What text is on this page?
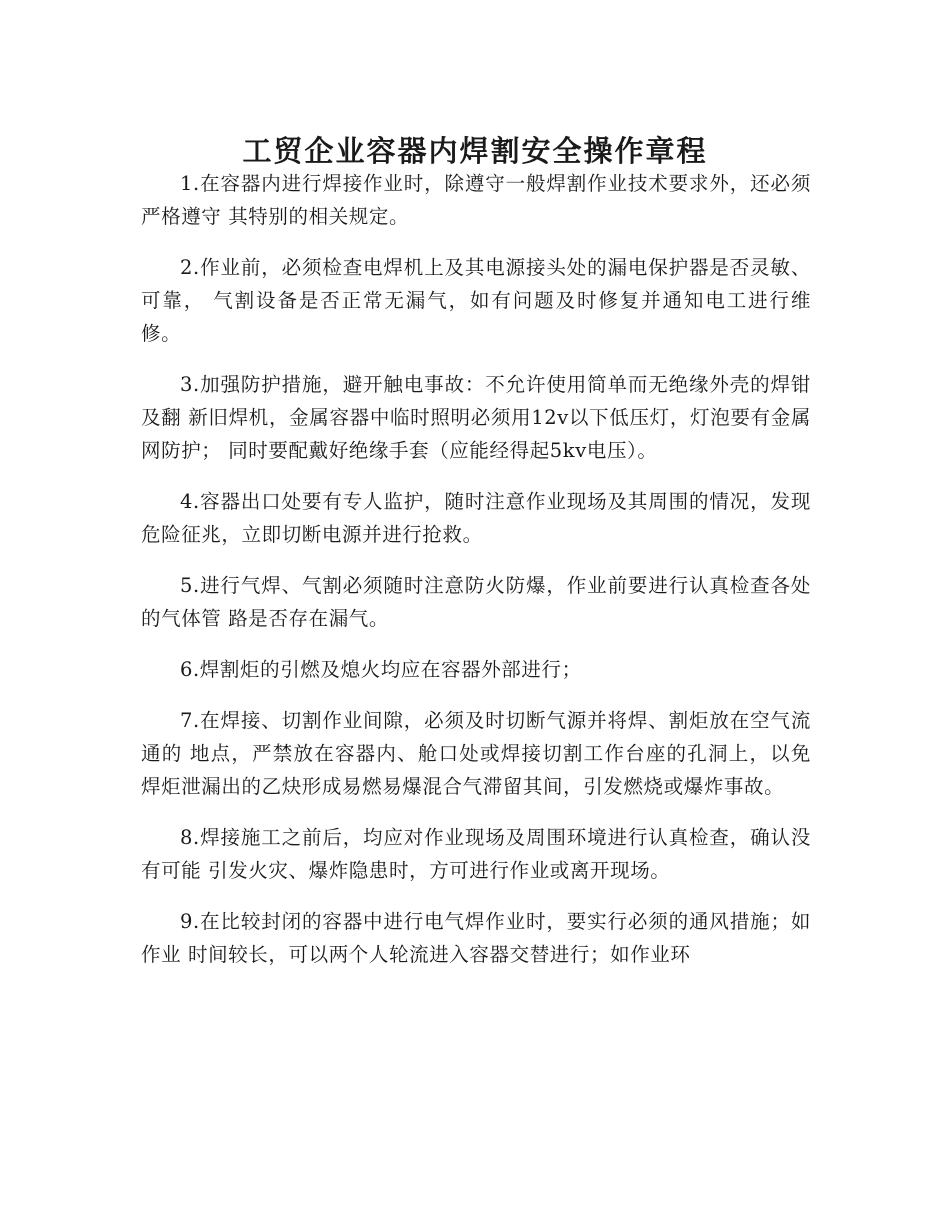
工贸企业容器内焊割安全操作章程

1.在容器内进行焊接作业时，除遵守一般焊割作业技术要求外，还必须严格遵守 其特别的相关规定。

2.作业前，必须检查电焊机上及其电源接头处的漏电保护器是否灵敏、可靠， 气割设备是否正常无漏气，如有问题及时修复并通知电工进行维修。

3.加强防护措施，避开触电事故：不允许使用简单而无绝缘外壳的焊钳及翻 新旧焊机，金属容器中临时照明必须用12v以下低压灯，灯泡要有金属网防护； 同时要配戴好绝缘手套（应能经得起5kv电压）。

4.容器出口处要有专人监护，随时注意作业现场及其周围的情况，发现危险征兆，立即切断电源并进行抢救。

5.进行气焊、气割必须随时注意防火防爆，作业前要进行认真检查各处的气体管 路是否存在漏气。

6.焊割炬的引燃及熄火均应在容器外部进行；

7.在焊接、切割作业间隙，必须及时切断气源并将焊、割炬放在空气流通的 地点，严禁放在容器内、舱口处或焊接切割工作台座的孔洞上，以免焊炬泄漏出的乙炔形成易燃易爆混合气滞留其间，引发燃烧或爆炸事故。

8.焊接施工之前后，均应对作业现场及周围环境进行认真检查，确认没有可能 引发火灾、爆炸隐患时，方可进行作业或离开现场。

9.在比较封闭的容器中进行电气焊作业时，要实行必须的通风措施；如作业 时间较长，可以两个人轮流进入容器交替进行；如作业环
